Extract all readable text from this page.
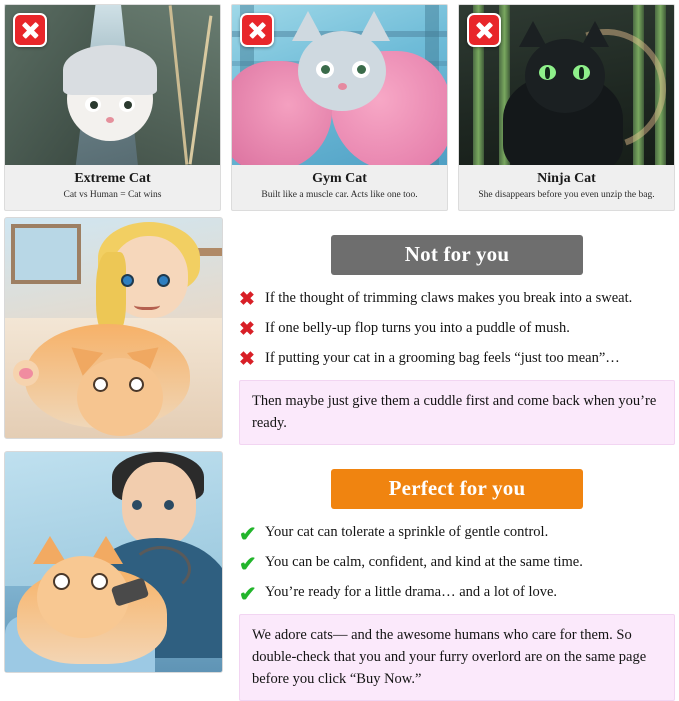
Extreme Cat
Cat vs Human = Cat wins
Gym Cat
Built like a muscle car. Acts like one too.
Ninja Cat
She disappears before you even unzip the bag.
Not for you
✖ If the thought of trimming claws makes you break into a sweat.
✖ If one belly-up flop turns you into a puddle of mush.
✖ If putting your cat in a grooming bag feels “just too mean”…
Then maybe just give them a cuddle first and come back when you’re ready.
Perfect for you
✔ Your cat can tolerate a sprinkle of gentle control.
✔ You can be calm, confident, and kind at the same time.
✔ You’re ready for a little drama… and a lot of love.
We adore cats— and the awesome humans who care for them. So double-check that you and your furry overlord are on the same page before you click “Buy Now.”
